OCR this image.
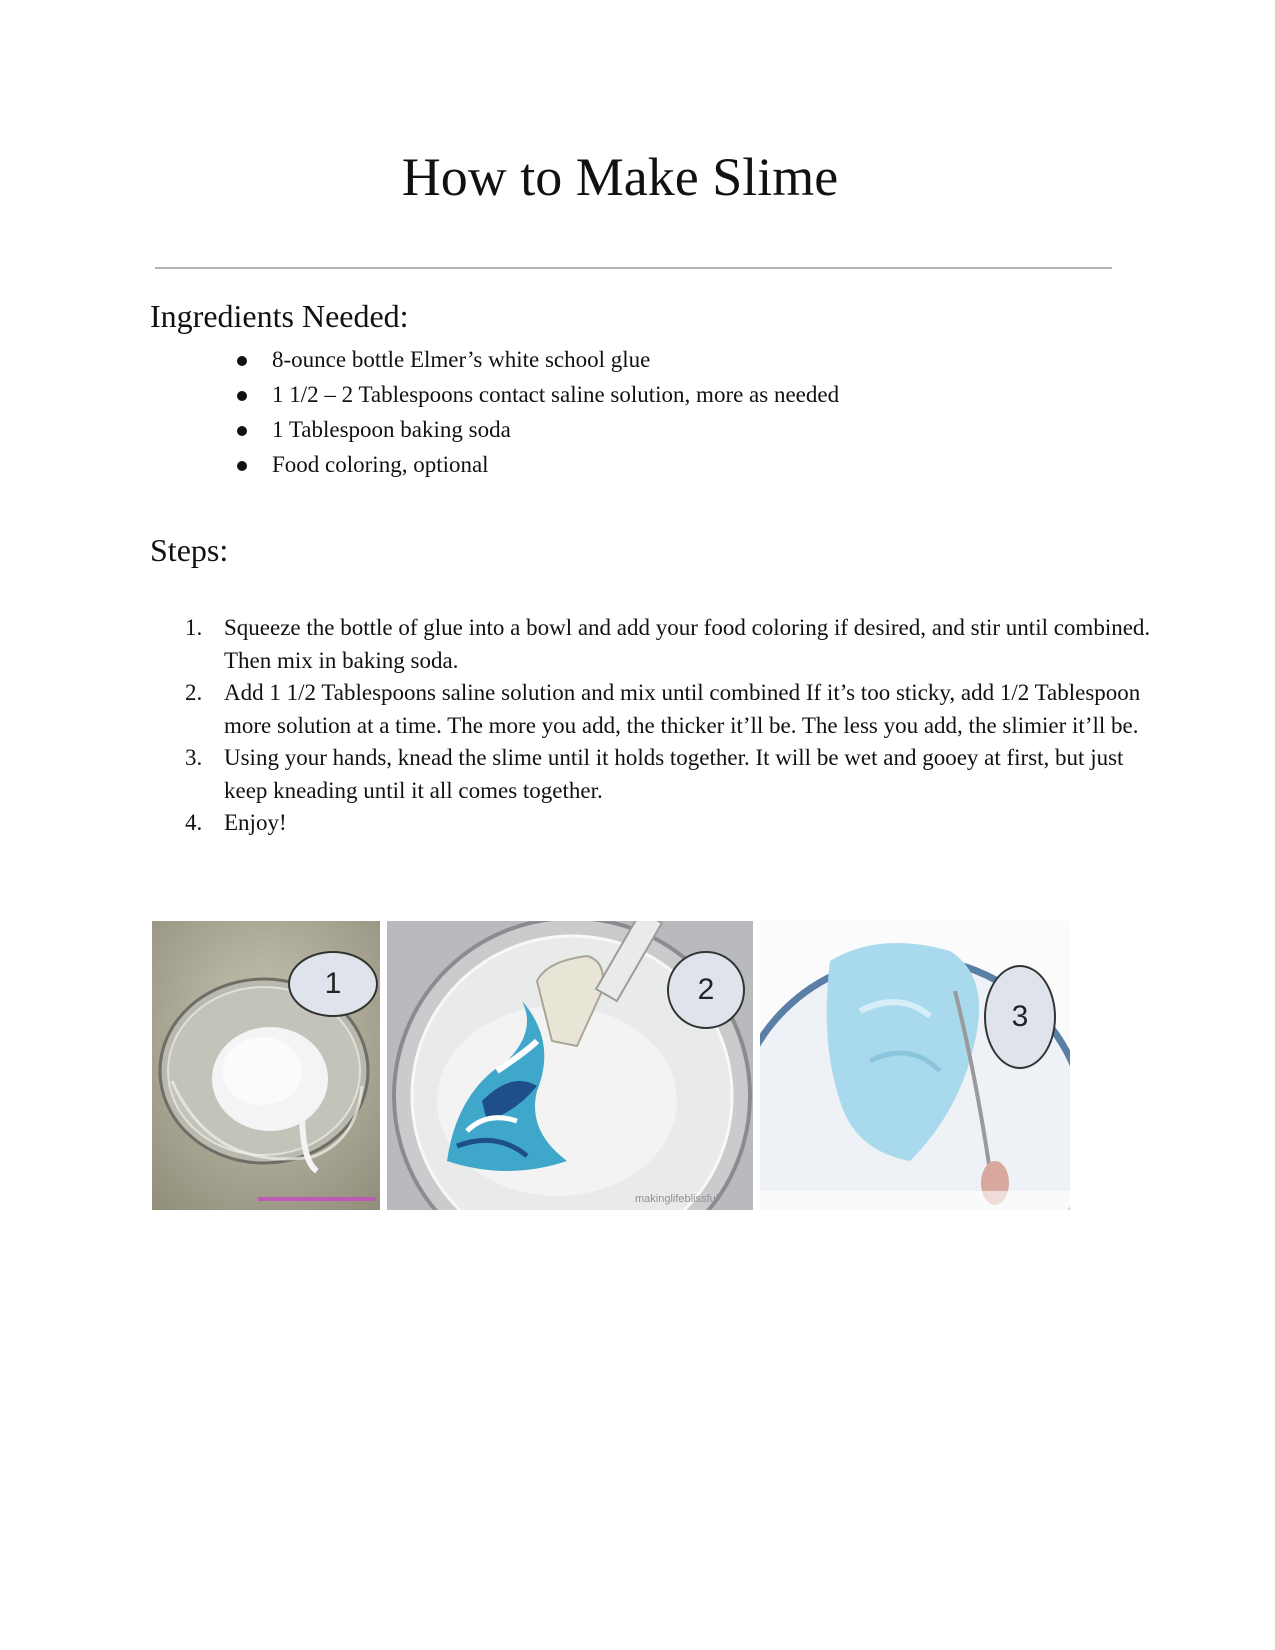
How to Make Slime
Ingredients Needed:
8-ounce bottle Elmer’s white school glue
1 1/2 – 2 Tablespoons contact saline solution, more as needed
1 Tablespoon baking soda
Food coloring, optional
Steps:
1. Squeeze the bottle of glue into a bowl and add your food coloring if desired, and stir until combined. Then mix in baking soda.
2. Add 1 1/2 Tablespoons saline solution and mix until combined If it’s too sticky, add 1/2 Tablespoon more solution at a time. The more you add, the thicker it’ll be. The less you add, the slimier it’ll be.
3. Using your hands, knead the slime until it holds together. It will be wet and gooey at first, but just keep kneading until it all comes together.
4. Enjoy!
1	2
makinglifeblissful
3
